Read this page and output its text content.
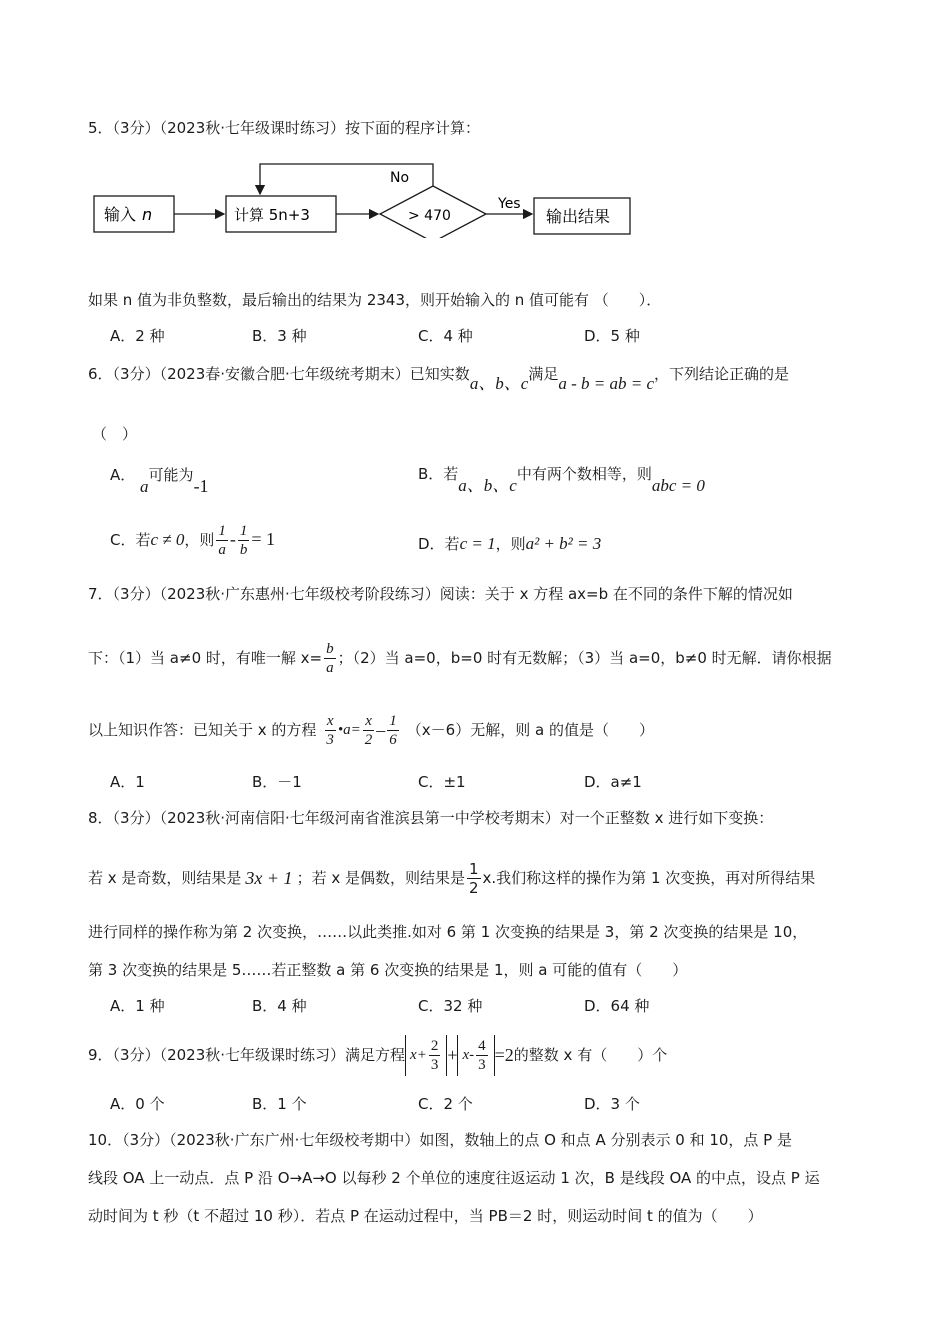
5．（3分）（2023秋·七年级课时练习）按下面的程序计算：
输入 n	计算 5n+3	> 470
No
Yes
输出结果
如果 n 值为非负整数，最后输出的结果为 2343，则开始输入的 n 值可能有 （　　）．
A．2 种	B．3 种	C．4 种	D．5 种
6．（3分）（2023春·安徽合肥·七年级统考期末）已知实数a、b、c满足a - b = ab = c，下列结论正确的是
（　）
A． a可能为-1
B．若a、b、c中有两个数相等，则abc = 0
C．若c ≠ 0，则 $\frac{1}{a} - \frac{1}{b} = 1$	D．若c = 1，则a² + b² = 3
7．（3分）（2023秋·广东惠州·七年级校考阶段练习）阅读：关于 x 方程 ax=b 在不同的条件下解的情况如
下：（1）当 a≠0 时，有唯一解 $x= \frac{b}{a}$ ；（2）当 a=0，b=0 时有无数解；（3）当 a=0，b≠0 时无解．请你根据
以上知识作答：已知关于 x 的方程 $\frac{x}{3}$ •a= $\frac{x}{2} - \frac{1}{6} (x-6)$无解，则 a 的值是（　　）
A．1	B．－1	C．±1	D．a≠1
8．（3分）（2023秋·河南信阳·七年级河南省淮滨县第一中学校考期末）对一个正整数 x 进行如下变换：
若 x 是奇数，则结果是 3x + 1 ；若 x 是偶数，则结果是 $\frac{1}{2} x$.我们称这样的操作为第 1 次变换，再对所得结果
进行同样的操作称为第 2 次变换，……以此类推.如对 6 第 1 次变换的结果是 3，第 2 次变换的结果是 10，
第 3 次变换的结果是 5……若正整数 a 第 6 次变换的结果是 1，则 a 可能的值有（　　）
A．1 种	B．4 种	C．32 种	D．64 种
9．（3分）（2023秋·七年级课时练习）满足方程 $x+ \frac{2}{3} + x- \frac{4}{3} =2$ 的整数 x 有（　　）个
A．0 个	B．1 个	C．2 个	D．3 个
10．（3分）（2023秋·广东广州·七年级校考期中）如图，数轴上的点 O 和点 A 分别表示 0 和 10，点 P 是
线段 OA 上一动点．点 P 沿 O→A→O 以每秒 2 个单位的速度往返运动 1 次，B 是线段 OA 的中点，设点 P 运
动时间为 t 秒（t 不超过 10 秒）．若点 P 在运动过程中，当 PB＝2 时，则运动时间 t 的值为（　　）
